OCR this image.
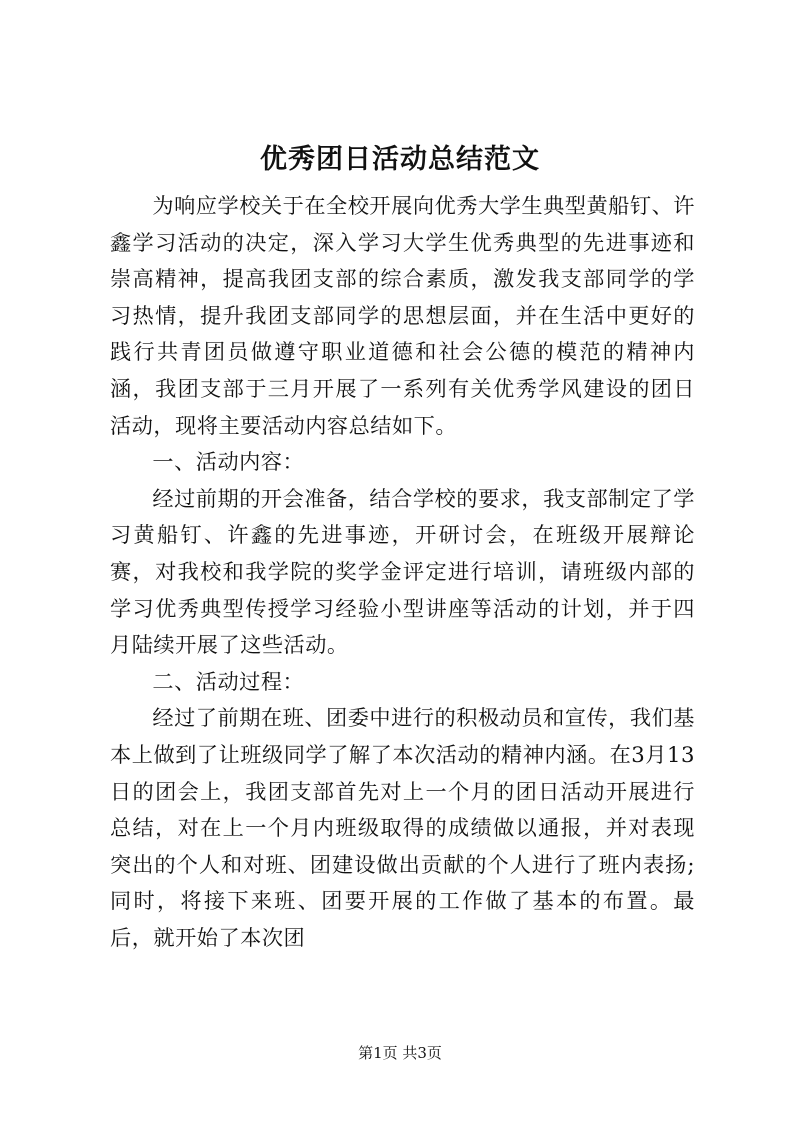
优秀团日活动总结范文

为响应学校关于在全校开展向优秀大学生典型黄船钉、许鑫学习活动的决定，深入学习大学生优秀典型的先进事迹和崇高精神，提高我团支部的综合素质，激发我支部同学的学习热情，提升我团支部同学的思想层面，并在生活中更好的践行共青团员做遵守职业道德和社会公德的模范的精神内涵，我团支部于三月开展了一系列有关优秀学风建设的团日活动，现将主要活动内容总结如下。

一、活动内容：

经过前期的开会准备，结合学校的要求，我支部制定了学习黄船钉、许鑫的先进事迹，开研讨会，在班级开展辩论赛，对我校和我学院的奖学金评定进行培训，请班级内部的学习优秀典型传授学习经验小型讲座等活动的计划，并于四月陆续开展了这些活动。

二、活动过程：

经过了前期在班、团委中进行的积极动员和宣传，我们基本上做到了让班级同学了解了本次活动的精神内涵。在3月13日的团会上，我团支部首先对上一个月的团日活动开展进行总结，对在上一个月内班级取得的成绩做以通报，并对表现突出的个人和对班、团建设做出贡献的个人进行了班内表扬;同时，将接下来班、团要开展的工作做了基本的布置。最后，就开始了本次团

第1页 共3页
